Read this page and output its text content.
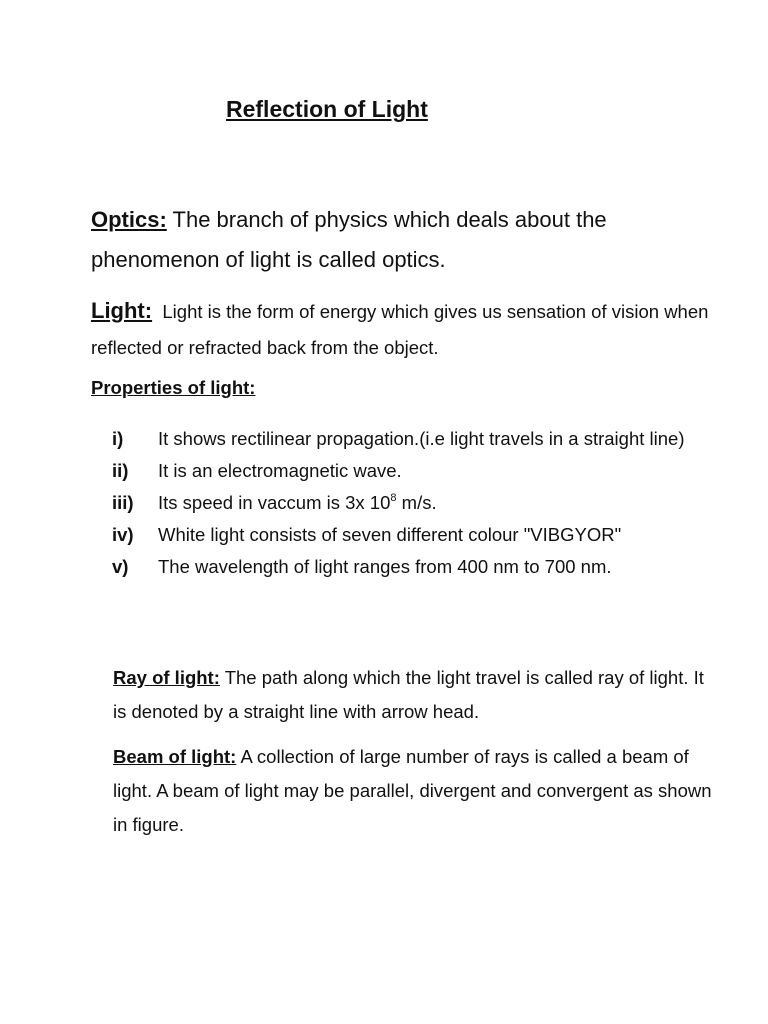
Reflection of Light
Optics: The branch of physics which deals about the phenomenon of light is called optics.
Light: Light is the form of energy which gives us sensation of vision when reflected or refracted back from the object.
Properties of light:
i)	It shows rectilinear propagation.(i.e light travels in a straight line)
ii)	It is an electromagnetic wave.
iii)	Its speed in vaccum is 3x $10^8$ m/s.
iv)	White light consists of seven different colour "VIBGYOR"
v)	The wavelength of light ranges from 400 nm to 700 nm.
Ray of light: The path along which the light travel is called ray of light. It is denoted by a straight line with arrow head.
Beam of light: A collection of large number of rays is called a beam of light. A beam of light may be parallel, divergent and convergent as shown in figure.
